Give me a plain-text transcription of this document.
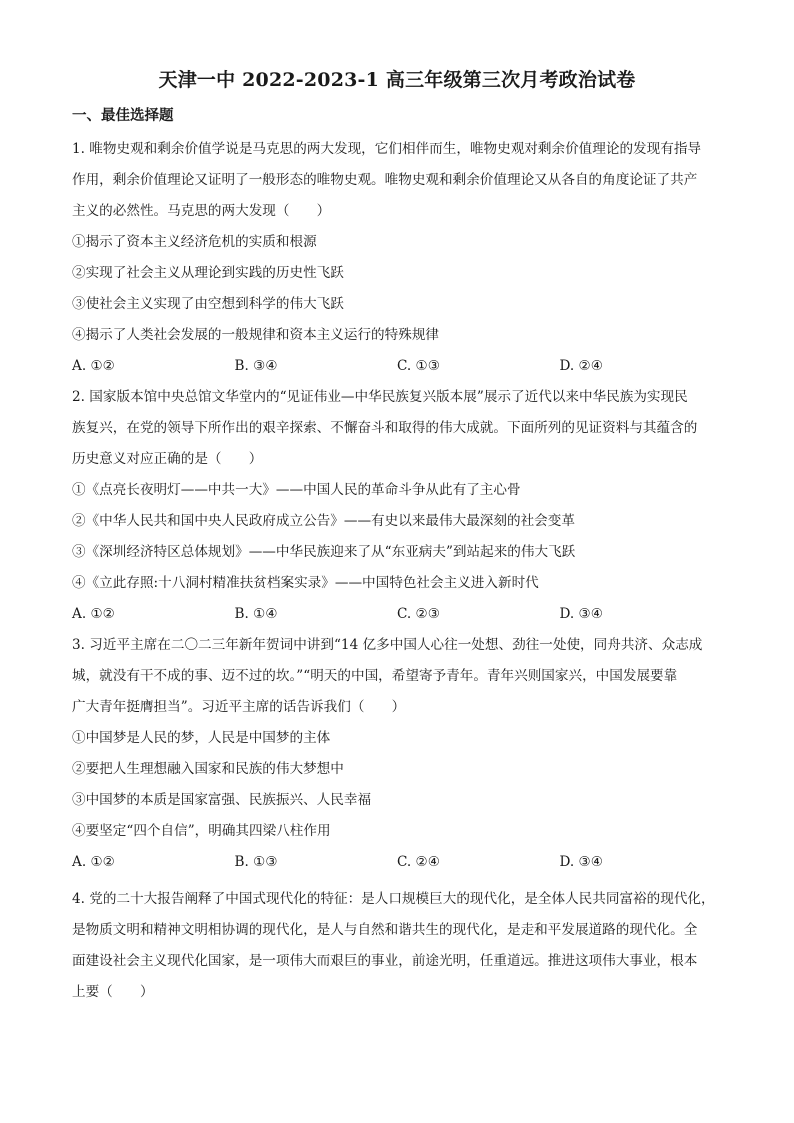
天津一中 2022-2023-1 高三年级第三次月考政治试卷
一、最佳选择题
1. 唯物史观和剩余价值学说是马克思的两大发现，它们相伴而生，唯物史观对剩余价值理论的发现有指导
作用，剩余价值理论又证明了一般形态的唯物史观。唯物史观和剩余价值理论又从各自的角度论证了共产
主义的必然性。马克思的两大发现（　　）
①揭示了资本主义经济危机的实质和根源
②实现了社会主义从理论到实践的历史性飞跃
③使社会主义实现了由空想到科学的伟大飞跃
④揭示了人类社会发展的一般规律和资本主义运行的特殊规律
A. ①②	B. ③④	C. ①③	D. ②④
2. 国家版本馆中央总馆文华堂内的“见证伟业—中华民族复兴版本展”展示了近代以来中华民族为实现民
族复兴，在党的领导下所作出的艰辛探索、不懈奋斗和取得的伟大成就。下面所列的见证资料与其蕴含的
历史意义对应正确的是（　　）
①《点亮长夜明灯——中共一大》——中国人民的革命斗争从此有了主心骨
②《中华人民共和国中央人民政府成立公告》——有史以来最伟大最深刻的社会变革
③《深圳经济特区总体规划》——中华民族迎来了从“东亚病夫”到站起来的伟大飞跃
④《立此存照:十八洞村精准扶贫档案实录》——中国特色社会主义进入新时代
A. ①②	B. ①④	C. ②③	D. ③④
3. 习近平主席在二〇二三年新年贺词中讲到“14 亿多中国人心往一处想、劲往一处使，同舟共济、众志成
城，就没有干不成的事、迈不过的坎。”“明天的中国，希望寄予青年。青年兴则国家兴，中国发展要靠
广大青年挺膺担当”。习近平主席的话告诉我们（　　）
①中国梦是人民的梦，人民是中国梦的主体
②要把人生理想融入国家和民族的伟大梦想中
③中国梦的本质是国家富强、民族振兴、人民幸福
④要坚定“四个自信”，明确其四梁八柱作用
A. ①②	B. ①③	C. ②④	D. ③④
4. 党的二十大报告阐释了中国式现代化的特征：是人口规模巨大的现代化，是全体人民共同富裕的现代化，
是物质文明和精神文明相协调的现代化，是人与自然和谐共生的现代化，是走和平发展道路的现代化。全
面建设社会主义现代化国家，是一项伟大而艰巨的事业，前途光明，任重道远。推进这项伟大事业，根本
上要（　　）
